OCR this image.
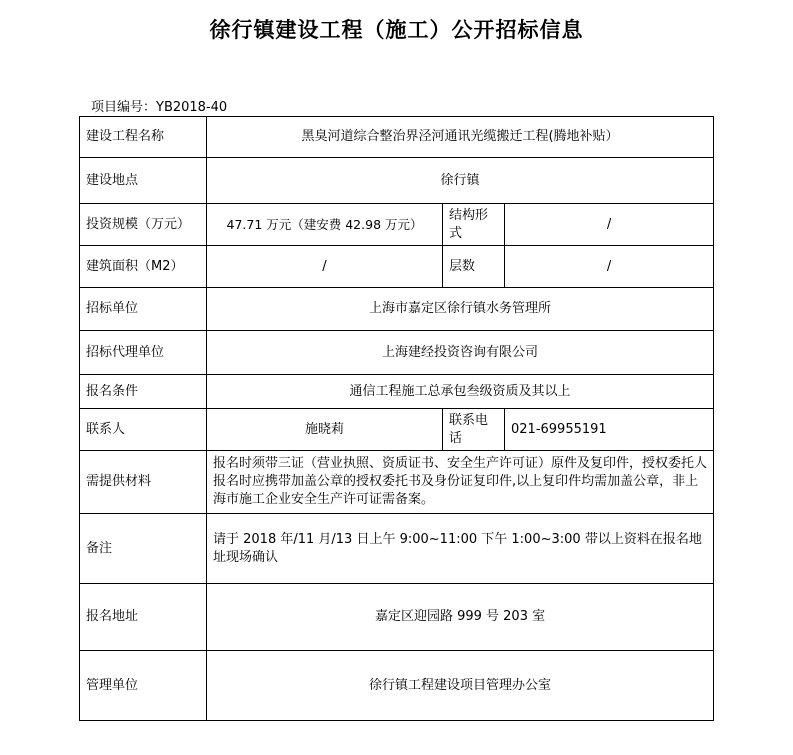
徐行镇建设工程（施工）公开招标信息
项目编号：YB2018-40
建设工程名称	黑臭河道综合整治界泾河通讯光缆搬迁工程(腾地补贴）		
建设地点	徐行镇		
投资规模（万元）	47.71 万元（建安费 42.98 万元）	结构形式	/
建筑面积（M2）	/	层数	/
招标单位	上海市嘉定区徐行镇水务管理所		
招标代理单位	上海建经投资咨询有限公司		
报名条件	通信工程施工总承包叁级资质及其以上		
联系人	施晓莉	联系电话	021-69955191
需提供材料	报名时须带三证（营业执照、资质证书、安全生产许可证）原件及复印件，授权委托人报名时应携带加盖公章的授权委托书及身份证复印件,以上复印件均需加盖公章，非上海市施工企业安全生产许可证需备案。		
备注	请于 2018 年/11 月/13 日上午 9:00~11:00 下午 1:00~3:00 带以上资料在报名地址现场确认		
报名地址	嘉定区迎园路 999 号 203 室		
管理单位	徐行镇工程建设项目管理办公室		
